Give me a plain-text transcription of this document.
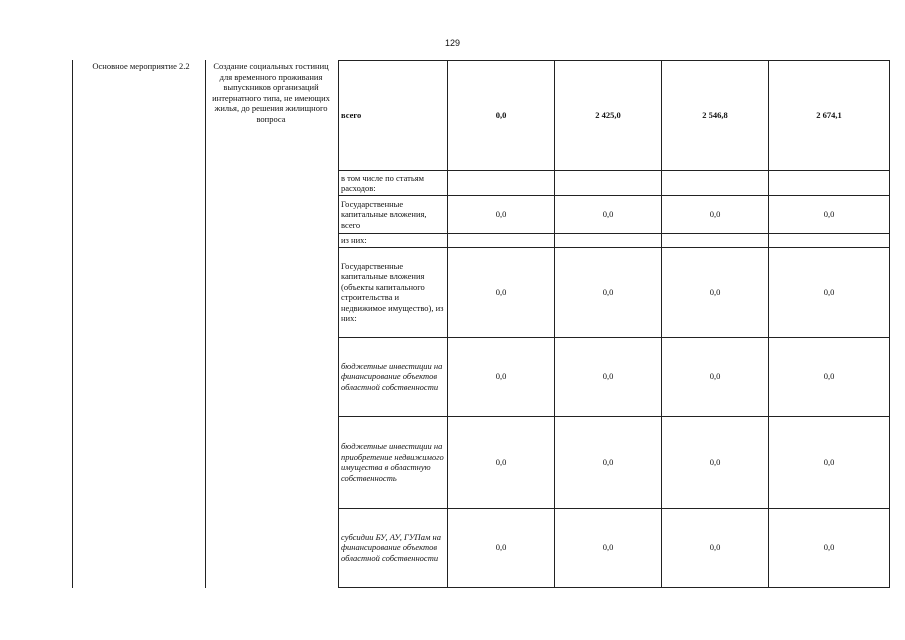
129
Основное мероприятие 2.2	Создание социальных гостиниц для временного проживания выпускников организаций интернатного типа, не имеющих жилья, до решения жилищного вопроса	всего	0,0	2 425,0	2 546,8	2 674,1
в том числе по статьям расходов:				
Государственные капитальные вложения, всего	0,0	0,0	0,0	0,0
из них:				
Государственные капитальные вложения (объекты капитального строительства и недвижимое имущество), из них:	0,0	0,0	0,0	0,0
бюджетные инвестиции на финансирование объектов областной собственности	0,0	0,0	0,0	0,0
бюджетные инвестиции на приобретение недвижимого имущества в областную собственность	0,0	0,0	0,0	0,0
субсидии БУ, АУ, ГУПам на финансирование объектов областной собственности	0,0	0,0	0,0	0,0
